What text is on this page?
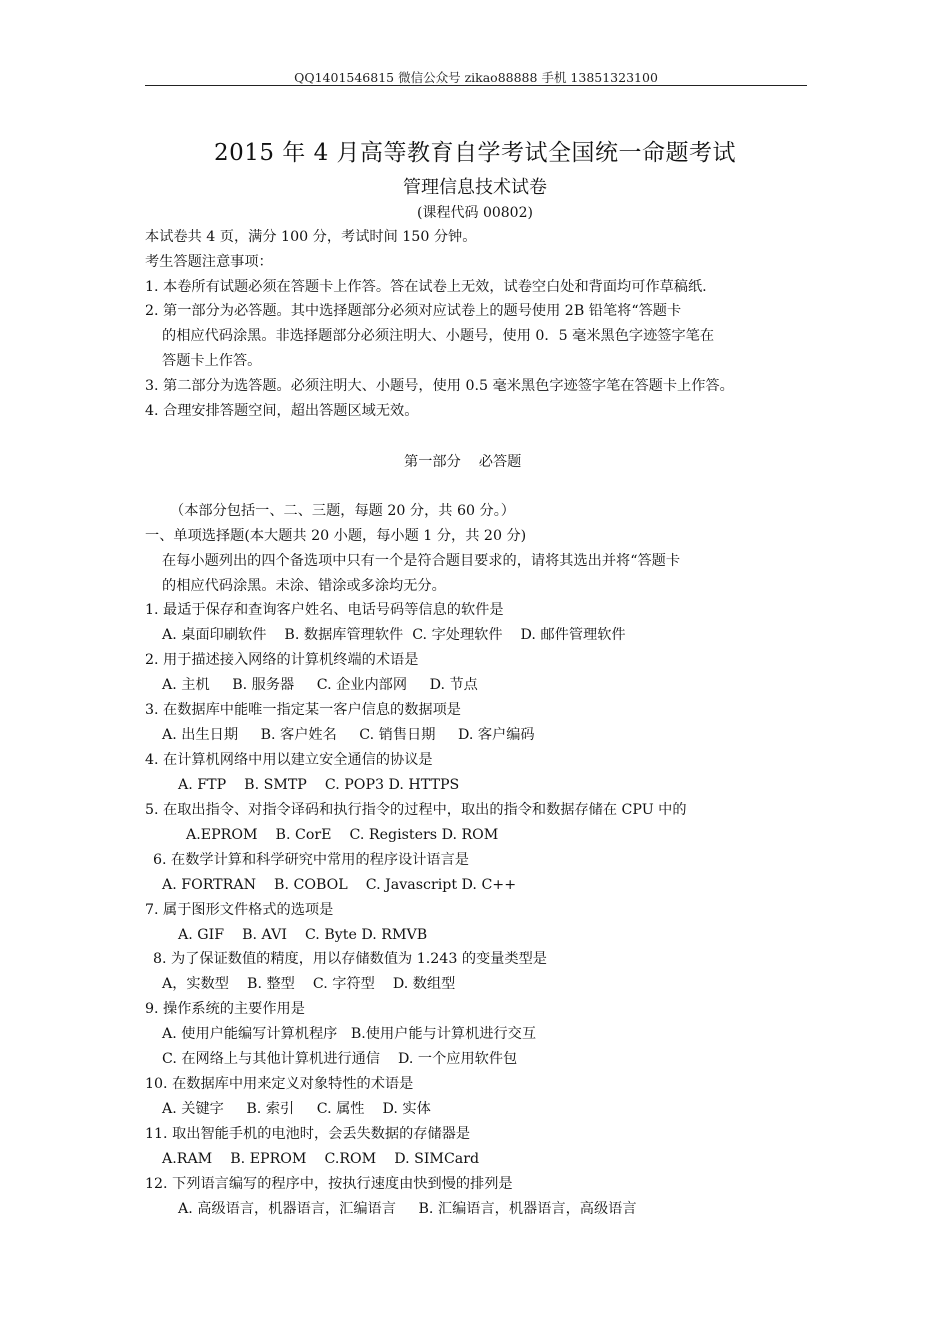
QQ1401546815 微信公众号 zikao88888 手机 13851323100
2015 年 4 月高等教育自学考试全国统一命题考试
管理信息技术试卷
(课程代码 00802)
本试卷共 4 页，满分 100 分，考试时间 150 分钟。
考生答题注意事项：
1. 本卷所有试题必须在答题卡上作答。答在试卷上无效，试卷空白处和背面均可作草稿纸.
2. 第一部分为必答题。其中选择题部分必须对应试卷上的题号使用 2B 铅笔将“答题卡
的相应代码涂黑。非选择题部分必须注明大、小题号，使用 0．5 毫米黑色字迹签字笔在
答题卡上作答。
3. 第二部分为选答题。必须注明大、小题号，使用 0.5 毫米黑色字迹签字笔在答题卡上作答。
4. 合理安排答题空间，超出答题区域无效。
第一部分    必答题
（本部分包括一、二、三题，每题 20 分，共 60 分。）
一、单项选择题(本大题共 20 小题，每小题 1 分，共 20 分)
在每小题列出的四个备选项中只有一个是符合题目要求的，请将其选出并将“答题卡
的相应代码涂黑。未涂、错涂或多涂均无分。
1. 最适于保存和查询客户姓名、电话号码等信息的软件是
A. 桌面印刷软件    B. 数据库管理软件  C. 字处理软件    D. 邮件管理软件
2. 用于描述接入网络的计算机终端的术语是
A. 主机     B. 服务器     C. 企业内部网     D. 节点
3. 在数据库中能唯一指定某一客户信息的数据项是
A. 出生日期     B. 客户姓名     C. 销售日期     D. 客户编码
4. 在计算机网络中用以建立安全通信的协议是
A. FTP    B. SMTP    C. POP3 D. HTTPS
5. 在取出指令、对指令译码和执行指令的过程中，取出的指令和数据存储在 CPU 中的
A.EPROM    B. CorE    C. Registers D. ROM
6. 在数学计算和科学研究中常用的程序设计语言是
A. FORTRAN    B. COBOL    C. Javascript D. C++
7. 属于图形文件格式的选项是
A. GIF    B. AVI    C. Byte D. RMVB
8. 为了保证数值的精度，用以存储数值为 1.243 的变量类型是
A，实数型    B. 整型    C. 字符型    D. 数组型
9. 操作系统的主要作用是
A. 使用户能编写计算机程序   B.使用户能与计算机进行交互
C. 在网络上与其他计算机进行通信    D. 一个应用软件包
10. 在数据库中用来定义对象特性的术语是
A. 关键字     B. 索引     C. 属性    D. 实体
11. 取出智能手机的电池时，会丢失数据的存储器是
A.RAM    B. EPROM    C.ROM    D. SIMCard
12. 下列语言编写的程序中，按执行速度由快到慢的排列是
A. 高级语言，机器语言，汇编语言     B. 汇编语言，机器语言，高级语言
